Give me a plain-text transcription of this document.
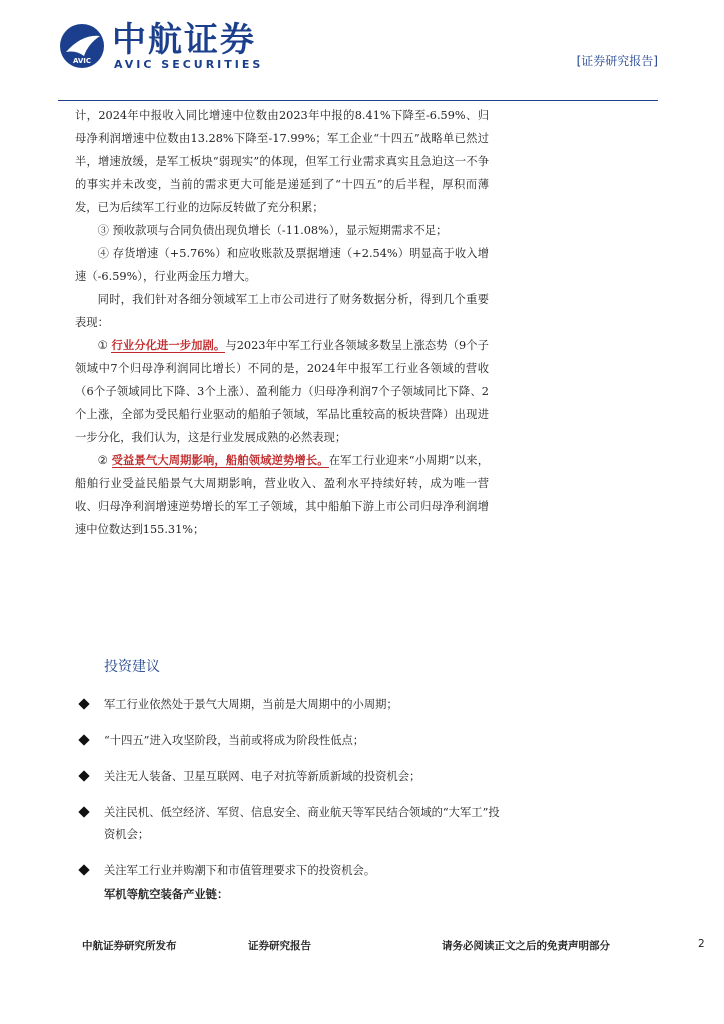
AVIC
中航证券
AVIC SECURITIES	[证券研究报告]

计，2024年中报收入同比增速中位数由2023年中报的8.41%下降至-6.59%、归母净利润增速中位数由13.28%下降至-17.99%；军工企业“十四五”战略单已然过半，增速放缓，是军工板块“弱现实”的体现，但军工行业需求真实且急迫这一不争的事实并未改变，当前的需求更大可能是递延到了“十四五”的后半程，厚积而薄发，已为后续军工行业的边际反转做了充分积累；

③ 预收款项与合同负债出现负增长（-11.08%），显示短期需求不足；

④ 存货增速（+5.76%）和应收账款及票据增速（+2.54%）明显高于收入增速（-6.59%），行业两金压力增大。

同时，我们针对各细分领域军工上市公司进行了财务数据分析，得到几个重要表现：

① 行业分化进一步加剧。与2023年中军工行业各领域多数呈上涨态势（9个子领域中7个归母净利润同比增长）不同的是，2024年中报军工行业各领域的营收（6个子领域同比下降、3个上涨）、盈利能力（归母净利润7个子领域同比下降、2个上涨，全部为受民船行业驱动的船舶子领域，军品比重较高的板块营降）出现进一步分化，我们认为，这是行业发展成熟的必然表现；

② 受益景气大周期影响，船舶领域逆势增长。在军工行业迎来“小周期”以来，船舶行业受益民船景气大周期影响，营业收入、盈利水平持续好转，成为唯一营收、归母净利润增速逆势增长的军工子领域，其中船舶下游上市公司归母净利润增速中位数达到155.31%；

投资建议
军工行业依然处于景气大周期，当前是大周期中的小周期；
“十四五”进入攻坚阶段，当前或将成为阶段性低点；
关注无人装备、卫星互联网、电子对抗等新质新域的投资机会；
关注民机、低空经济、军贸、信息安全、商业航天等军民结合领域的“大军工”投资机会；
关注军工行业并购潮下和市值管理要求下的投资机会。
军机等航空装备产业链：
中航证券研究所发布	证券研究报告	请务必阅读正文之后的免责声明部分	2
